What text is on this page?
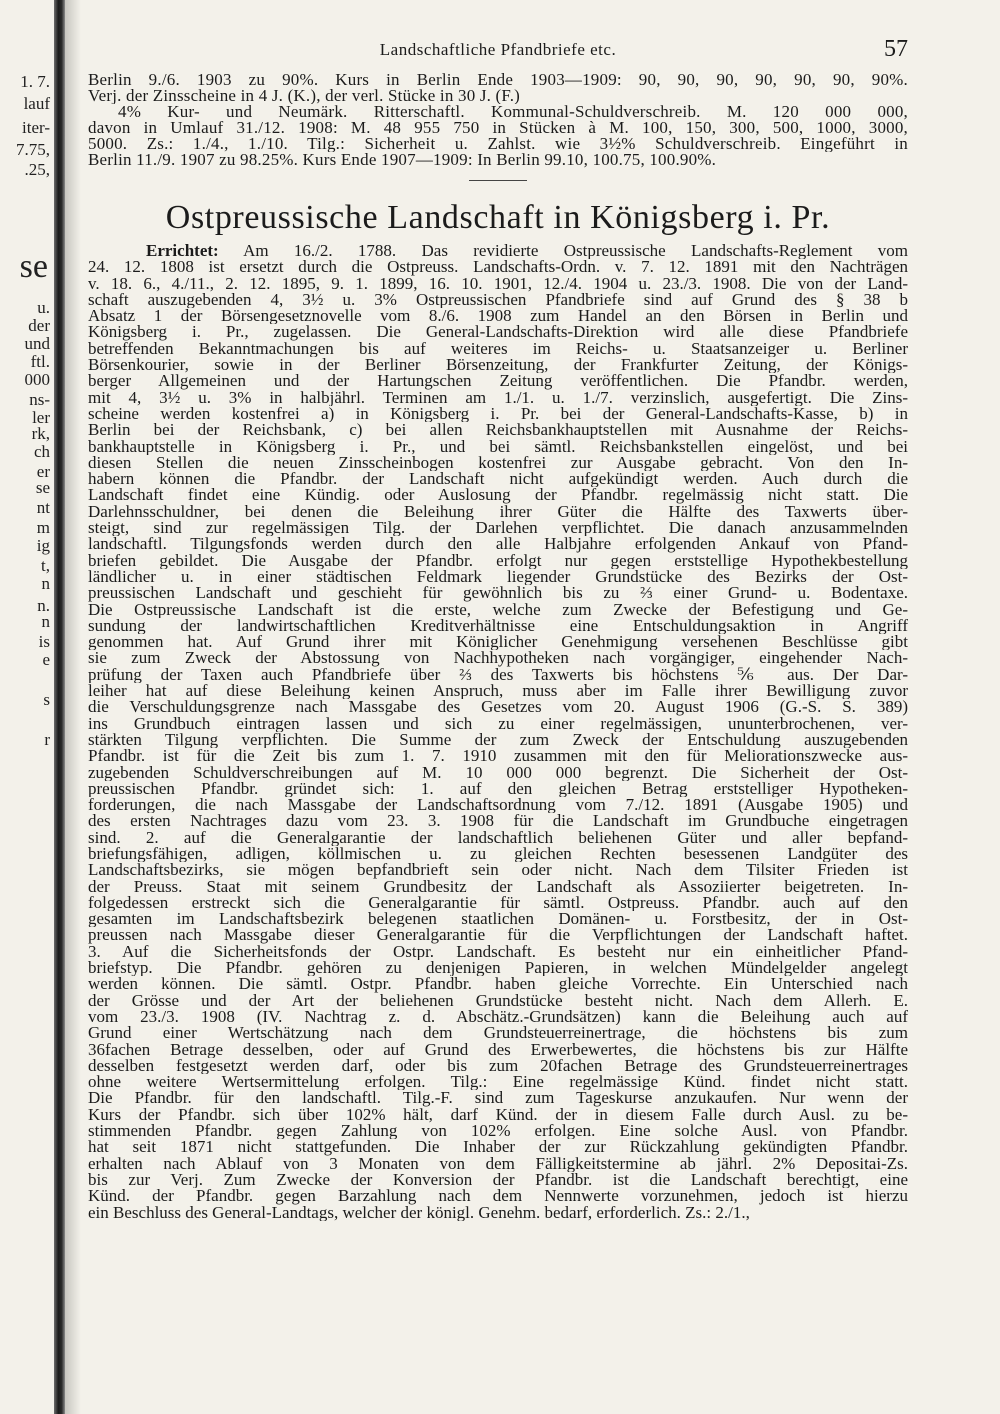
1. 7.
lauf
iter-
7.75,
.25,
se
u.
der
und
ftl.
000
ns-
ler
rk,
ch
er
se
nt
m
ig
t,
n
n.
n
is
e
s
r
Landschaftliche Pfandbriefe etc.	57

Berlin 9./6. 1903 zu 90%. Kurs in Berlin Ende 1903—1909: 90, 90, 90, 90, 90, 90, 90%.

Verj. der Zinsscheine in 4 J. (K.), der verl. Stücke in 30 J. (F.)

4% Kur- und Neumärk. Ritterschaftl. Kommunal-Schuldverschreib. M. 120 000 000,

davon in Umlauf 31./12. 1908: M. 48 955 750 in Stücken à M. 100, 150, 300, 500, 1000, 3000,

5000. Zs.: 1./4., 1./10. Tilg.: Sicherheit u. Zahlst. wie 3½% Schuldverschreib. Eingeführt in

Berlin 11./9. 1907 zu 98.25%. Kurs Ende 1907—1909: In Berlin 99.10, 100.75, 100.90%.

Ostpreussische Landschaft in Königsberg i. Pr.

Errichtet: Am 16./2. 1788. Das revidierte Ostpreussische Landschafts-Reglement vom

24. 12. 1808 ist ersetzt durch die Ostpreuss. Landschafts-Ordn. v. 7. 12. 1891 mit den Nachträgen

v. 18. 6., 4./11., 2. 12. 1895, 9. 1. 1899, 16. 10. 1901, 12./4. 1904 u. 23./3. 1908. Die von der Land-

schaft auszugebenden 4, 3½ u. 3% Ostpreussischen Pfandbriefe sind auf Grund des § 38 b

Absatz 1 der Börsengesetznovelle vom 8./6. 1908 zum Handel an den Börsen in Berlin und

Königsberg i. Pr., zugelassen. Die General-Landschafts-Direktion wird alle diese Pfandbriefe

betreffenden Bekanntmachungen bis auf weiteres im Reichs- u. Staatsanzeiger u. Berliner

Börsenkourier, sowie in der Berliner Börsenzeitung, der Frankfurter Zeitung, der Königs-

berger Allgemeinen und der Hartungschen Zeitung veröffentlichen. Die Pfandbr. werden,

mit 4, 3½ u. 3% in halbjährl. Terminen am 1./1. u. 1./7. verzinslich, ausgefertigt. Die Zins-

scheine werden kostenfrei a) in Königsberg i. Pr. bei der General-Landschafts-Kasse, b) in

Berlin bei der Reichsbank, c) bei allen Reichsbankhauptstellen mit Ausnahme der Reichs-

bankhauptstelle in Königsberg i. Pr., und bei sämtl. Reichsbankstellen eingelöst, und bei

diesen Stellen die neuen Zinsscheinbogen kostenfrei zur Ausgabe gebracht. Von den In-

habern können die Pfandbr. der Landschaft nicht aufgekündigt werden. Auch durch die

Landschaft findet eine Kündig. oder Auslosung der Pfandbr. regelmässig nicht statt. Die

Darlehnsschuldner, bei denen die Beleihung ihrer Güter die Hälfte des Taxwerts über-

steigt, sind zur regelmässigen Tilg. der Darlehen verpflichtet. Die danach anzusammelnden

landschaftl. Tilgungsfonds werden durch den alle Halbjahre erfolgenden Ankauf von Pfand-

briefen gebildet. Die Ausgabe der Pfandbr. erfolgt nur gegen erststellige Hypothekbestellung

ländlicher u. in einer städtischen Feldmark liegender Grundstücke des Bezirks der Ost-

preussischen Landschaft und geschieht für gewöhnlich bis zu ⅔ einer Grund- u. Bodentaxe.

Die Ostpreussische Landschaft ist die erste, welche zum Zwecke der Befestigung und Ge-

sundung der landwirtschaftlichen Kreditverhältnisse eine Entschuldungsaktion in Angriff

genommen hat. Auf Grund ihrer mit Königlicher Genehmigung versehenen Beschlüsse gibt

sie zum Zweck der Abstossung von Nachhypotheken nach vorgängiger, eingehender Nach-

prüfung der Taxen auch Pfandbriefe über ⅔ des Taxwerts bis höchstens ⅚ aus. Der Dar-

leiher hat auf diese Beleihung keinen Anspruch, muss aber im Falle ihrer Bewilligung zuvor

die Verschuldungsgrenze nach Massgabe des Gesetzes vom 20. August 1906 (G.-S. S. 389)

ins Grundbuch eintragen lassen und sich zu einer regelmässigen, ununterbrochenen, ver-

stärkten Tilgung verpflichten. Die Summe der zum Zweck der Entschuldung auszugebenden

Pfandbr. ist für die Zeit bis zum 1. 7. 1910 zusammen mit den für Meliorationszwecke aus-

zugebenden Schuldverschreibungen auf M. 10 000 000 begrenzt. Die Sicherheit der Ost-

preussischen Pfandbr. gründet sich: 1. auf den gleichen Betrag erststelliger Hypotheken-

forderungen, die nach Massgabe der Landschaftsordnung vom 7./12. 1891 (Ausgabe 1905) und

des ersten Nachtrages dazu vom 23. 3. 1908 für die Landschaft im Grundbuche eingetragen

sind. 2. auf die Generalgarantie der landschaftlich beliehenen Güter und aller bepfand-

briefungsfähigen, adligen, köllmischen u. zu gleichen Rechten besessenen Landgüter des

Landschaftsbezirks, sie mögen bepfandbrieft sein oder nicht. Nach dem Tilsiter Frieden ist

der Preuss. Staat mit seinem Grundbesitz der Landschaft als Assoziierter beigetreten. In-

folgedessen erstreckt sich die Generalgarantie für sämtl. Ostpreuss. Pfandbr. auch auf den

gesamten im Landschaftsbezirk belegenen staatlichen Domänen- u. Forstbesitz, der in Ost-

preussen nach Massgabe dieser Generalgarantie für die Verpflichtungen der Landschaft haftet.

3. Auf die Sicherheitsfonds der Ostpr. Landschaft. Es besteht nur ein einheitlicher Pfand-

briefstyp. Die Pfandbr. gehören zu denjenigen Papieren, in welchen Mündelgelder angelegt

werden können. Die sämtl. Ostpr. Pfandbr. haben gleiche Vorrechte. Ein Unterschied nach

der Grösse und der Art der beliehenen Grundstücke besteht nicht. Nach dem Allerh. E.

vom 23./3. 1908 (IV. Nachtrag z. d. Abschätz.-Grundsätzen) kann die Beleihung auch auf

Grund einer Wertschätzung nach dem Grundsteuerreinertrage, die höchstens bis zum

36fachen Betrage desselben, oder auf Grund des Erwerbewertes, die höchstens bis zur Hälfte

desselben festgesetzt werden darf, oder bis zum 20fachen Betrage des Grundsteuerreinertrages

ohne weitere Wertsermittelung erfolgen. Tilg.: Eine regelmässige Künd. findet nicht statt.

Die Pfandbr. für den landschaftl. Tilg.-F. sind zum Tageskurse anzukaufen. Nur wenn der

Kurs der Pfandbr. sich über 102% hält, darf Künd. der in diesem Falle durch Ausl. zu be-

stimmenden Pfandbr. gegen Zahlung von 102% erfolgen. Eine solche Ausl. von Pfandbr.

hat seit 1871 nicht stattgefunden. Die Inhaber der zur Rückzahlung gekündigten Pfandbr.

erhalten nach Ablauf von 3 Monaten von dem Fälligkeitstermine ab jährl. 2% Depositai-Zs.

bis zur Verj. Zum Zwecke der Konversion der Pfandbr. ist die Landschaft berechtigt, eine

Künd. der Pfandbr. gegen Barzahlung nach dem Nennwerte vorzunehmen, jedoch ist hierzu

ein Beschluss des General-Landtags, welcher der königl. Genehm. bedarf, erforderlich. Zs.: 2./1.,
